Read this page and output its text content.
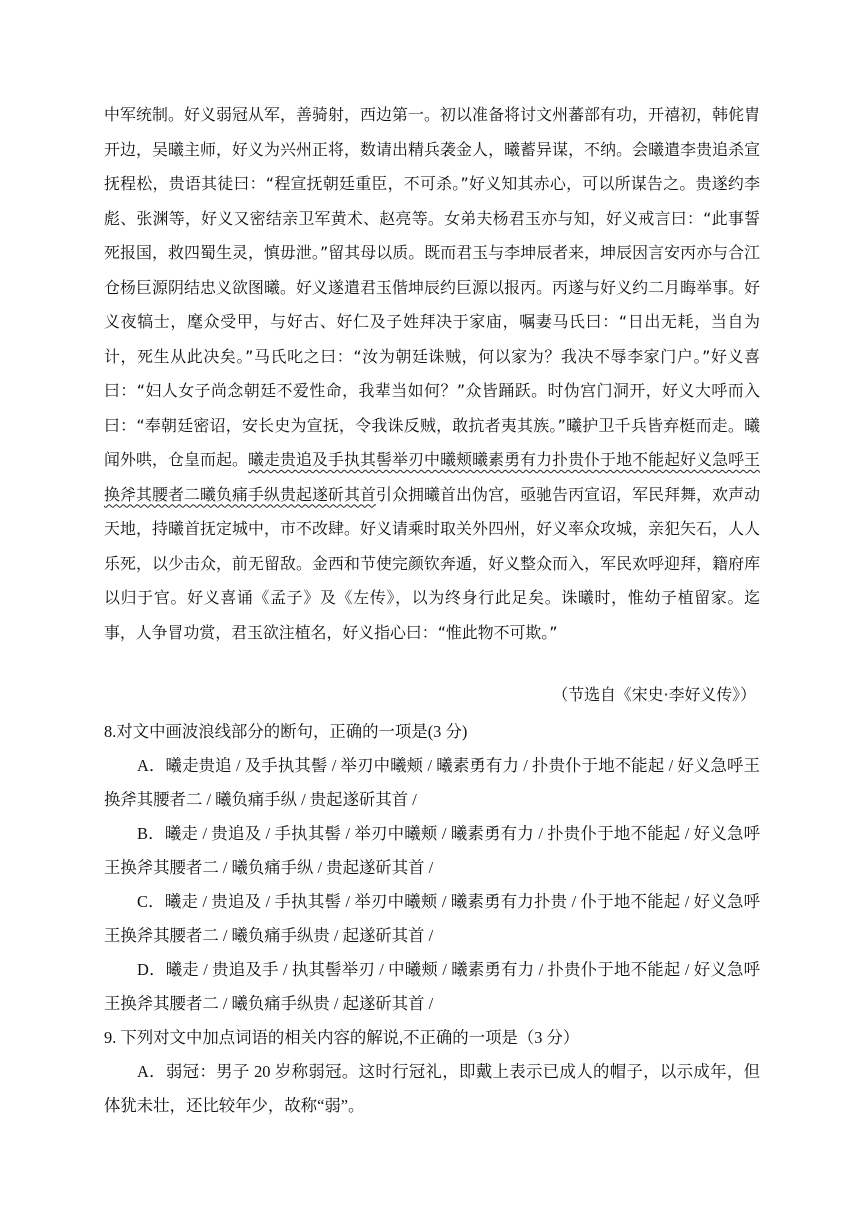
中军统制。好义弱冠从军，善骑射，西边第一。初以准备将讨文州蕃部有功，开禧初，韩侂胄开边，吴曦主师，好义为兴州正将，数请出精兵袭金人，曦蓄异谋，不纳。会曦遣李贵追杀宣抚程松，贵语其徒曰：“程宣抚朝廷重臣，不可杀。”好义知其赤心，可以所谋告之。贵遂约李彪、张渊等，好义又密结亲卫军黄术、赵亮等。女弟夫杨君玉亦与知，好义戒言曰：“此事誓死报国，救四蜀生灵，慎毋泄。”留其母以质。既而君玉与李坤辰者来，坤辰因言安丙亦与合江仓杨巨源阴结忠义欲图曦。好义遂遣君玉偕坤辰约巨源以报丙。丙遂与好义约二月晦举事。好义夜犒士，麾众受甲，与好古、好仁及子姓拜决于家庙，嘱妻马氏曰：“日出无耗，当自为计，死生从此决矣。”马氏叱之曰：“汝为朝廷诛贼，何以家为？我决不辱李家门户。”好义喜曰：“妇人女子尚念朝廷不爱性命，我辈当如何？”众皆踊跃。时伪宫门洞开，好义大呼而入曰：“奉朝廷密诏，安长史为宣抚，令我诛反贼，敢抗者夷其族。”曦护卫千兵皆弃梃而走。曦闻外哄，仓皇而起。曦走贵追及手执其髻举刃中曦颊曦素勇有力扑贵仆于地不能起好义急呼王换斧其腰者二曦负痛手纵贵起遂斫其首引众拥曦首出伪宫，亟驰告丙宣诏，军民拜舞，欢声动天地，持曦首抚定城中，市不改肆。好义请乘时取关外四州，好义率众攻城，亲犯矢石，人人乐死，以少击众，前无留敌。金西和节使完颜钦奔遁，好义整众而入，军民欢呼迎拜，籍府库以归于官。好义喜诵《孟子》及《左传》，以为终身行此足矣。诛曦时，惟幼子植留家。迄事，人争冒功赏，君玉欲注植名，好义指心曰：“惟此物不可欺。”

（节选自《宋史·李好义传》）

8.对文中画波浪线部分的断句，正确的一项是(3 分)

A．曦走贵追 / 及手执其髻 / 举刃中曦颊 / 曦素勇有力 / 扑贵仆于地不能起 / 好义急呼王 换斧其腰者二 / 曦负痛手纵 / 贵起遂斫其首 /

B．曦走 / 贵追及 / 手执其髻 / 举刃中曦颊 / 曦素勇有力 / 扑贵仆于地不能起 / 好义急呼王换斧其腰者二 / 曦负痛手纵 / 贵起遂斫其首 /

C．曦走 / 贵追及 / 手执其髻 / 举刃中曦颊 / 曦素勇有力扑贵 / 仆于地不能起 / 好义急呼王换斧其腰者二 / 曦负痛手纵贵 / 起遂斫其首 /

D．曦走 / 贵追及手 / 执其髻举刃 / 中曦颊 / 曦素勇有力 / 扑贵仆于地不能起 / 好义急呼王换斧其腰者二 / 曦负痛手纵贵 / 起遂斫其首 /

9. 下列对文中加点词语的相关内容的解说,不正确的一项是（3 分）

A．弱冠：男子 20 岁称弱冠。这时行冠礼，即戴上表示已成人的帽子，以示成年，但体犹未壮，还比较年少，故称“弱”。
